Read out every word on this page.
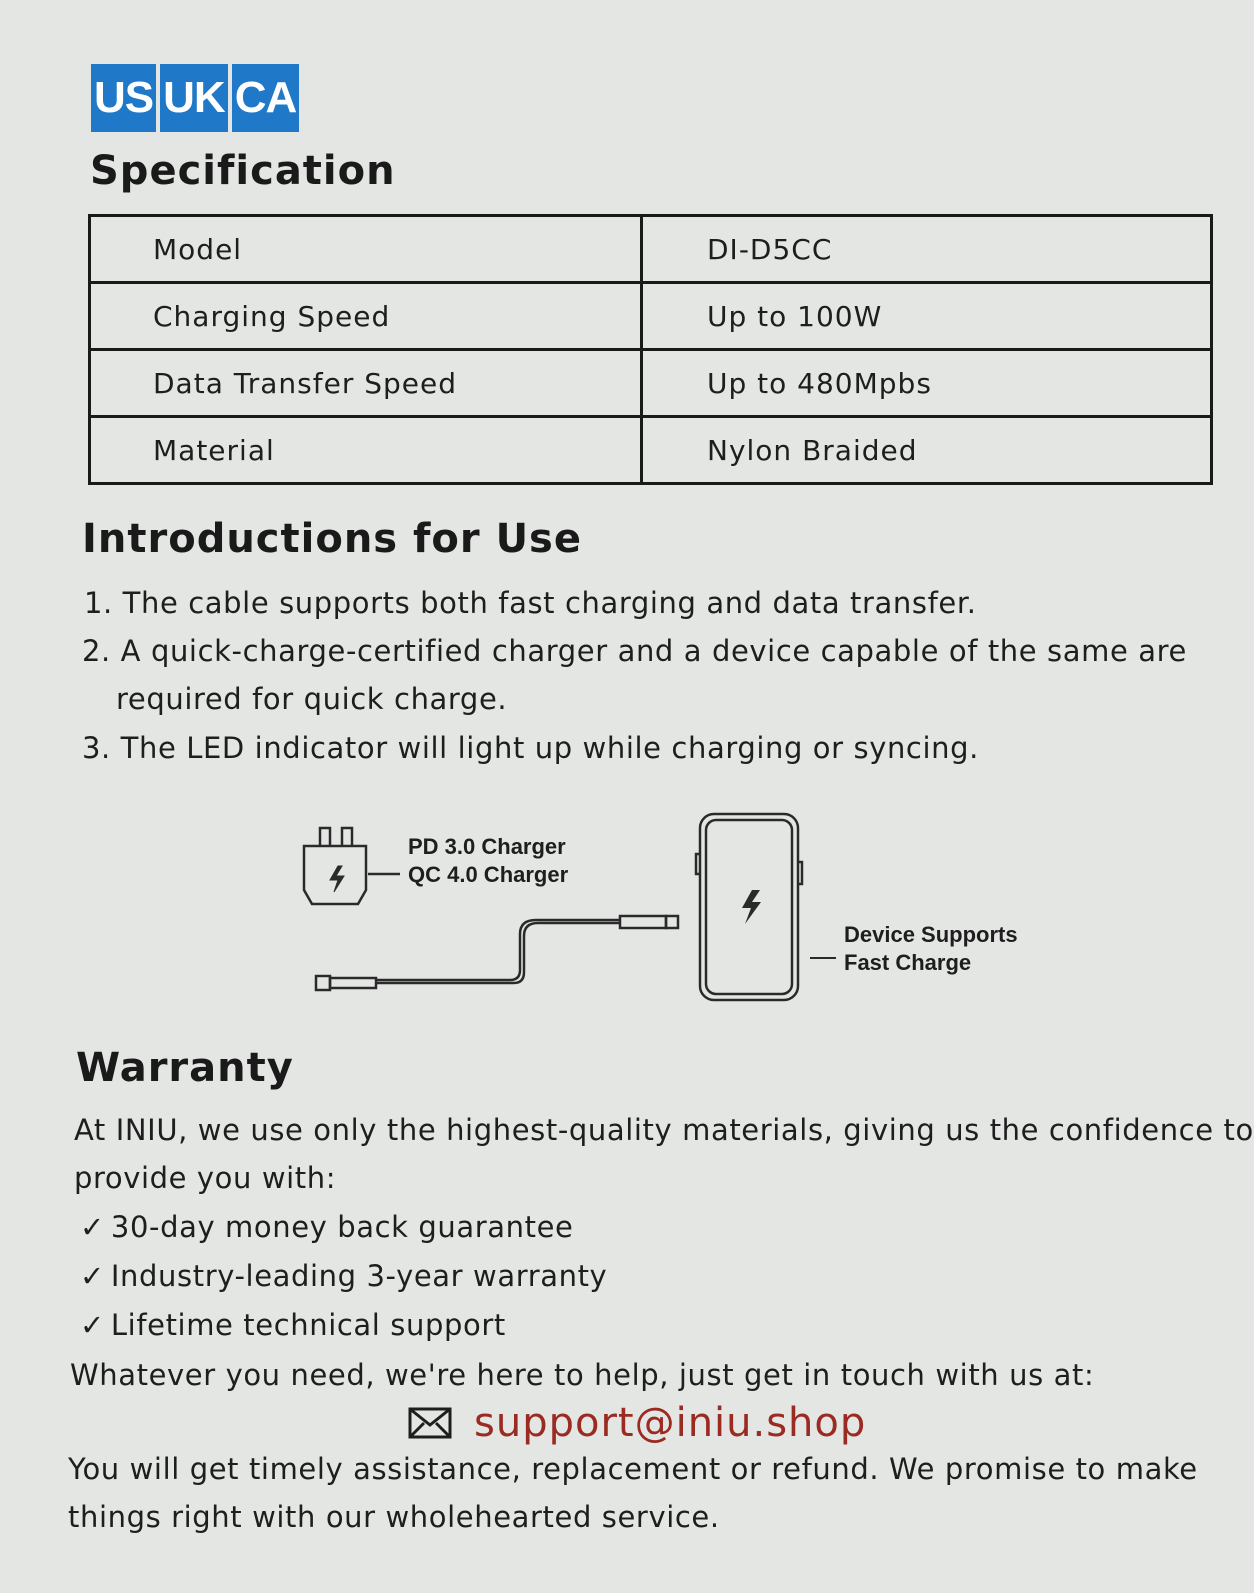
US UK CA
Specification
Model	DI-D5CC
Charging Speed	Up to 100W
Data Transfer Speed	Up to 480Mpbs
Material	Nylon Braided
Introductions for Use
1. The cable supports both fast charging and data transfer.
2. A quick-charge-certified charger and a device capable of the same are
required for quick charge.
3. The LED indicator will light up while charging or syncing.
PD 3.0 Charger
QC 4.0 Charger
Device Supports
Fast Charge
Warranty
At INIU, we use only the highest-quality materials, giving us the confidence to
provide you with:
✓ 30-day money back guarantee
✓ Industry-leading 3-year warranty
✓ Lifetime technical support
Whatever you need, we're here to help, just get in touch with us at:
support@iniu.shop
You will get timely assistance, replacement or refund. We promise to make
things right with our wholehearted service.
